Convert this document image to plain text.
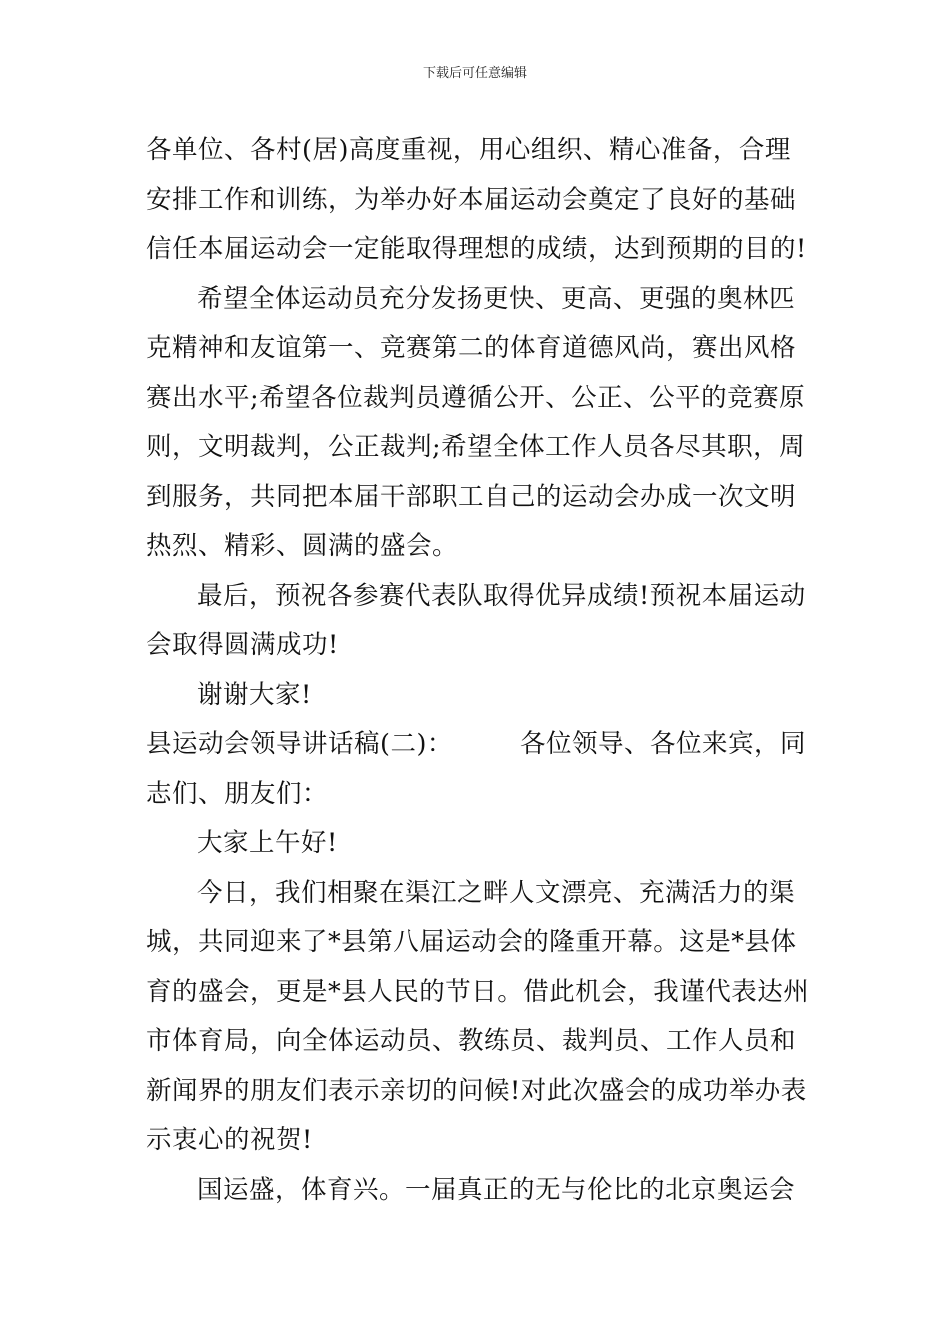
下载后可任意编辑
各单位、各村(居)高度重视，用心组织、精心准备，合理
安排工作和训练，为举办好本届运动会奠定了良好的基础
信任本届运动会一定能取得理想的成绩，达到预期的目的!
希望全体运动员充分发扬更快、更高、更强的奥林匹
克精神和友谊第一、竞赛第二的体育道德风尚，赛出风格
赛出水平;希望各位裁判员遵循公开、公正、公平的竞赛原
则，文明裁判，公正裁判;希望全体工作人员各尽其职，周
到服务，共同把本届干部职工自己的运动会办成一次文明
热烈、精彩、圆满的盛会。
最后，预祝各参赛代表队取得优异成绩!预祝本届运动
会取得圆满成功!
谢谢大家!
县运动会领导讲话稿(二)：	各位领导、各位来宾，同
志们、朋友们：
大家上午好!
今日，我们相聚在渠江之畔人文漂亮、充满活力的渠
城，共同迎来了*县第八届运动会的隆重开幕。这是*县体
育的盛会，更是*县人民的节日。借此机会，我谨代表达州
市体育局，向全体运动员、教练员、裁判员、工作人员和
新闻界的朋友们表示亲切的问候!对此次盛会的成功举办表
示衷心的祝贺!
国运盛，体育兴。一届真正的无与伦比的北京奥运会
